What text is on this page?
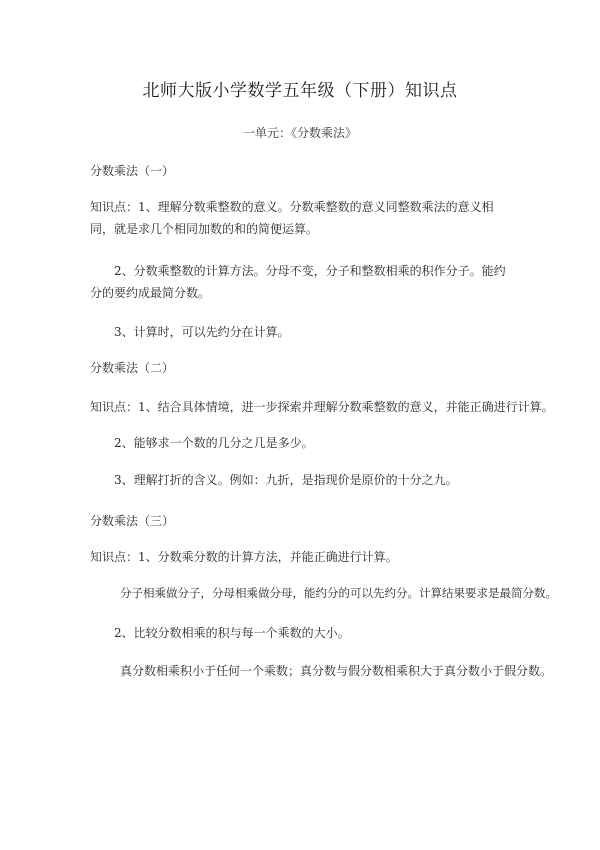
北师大版小学数学五年级（下册）知识点
一单元：《分数乘法》
分数乘法（一）
知识点：1、理解分数乘整数的意义。分数乘整数的意义同整数乘法的意义相同，就是求几个相同加数的和的简便运算。
2、分数乘整数的计算方法。分母不变，分子和整数相乘的积作分子。能约分的要约成最简分数。
3、计算时，可以先约分在计算。
分数乘法（二）
知识点：1、结合具体情境，进一步探索并理解分数乘整数的意义，并能正确进行计算。
2、能够求一个数的几分之几是多少。
3、理解打折的含义。例如：九折，是指现价是原价的十分之九。
分数乘法（三）
知识点：1、分数乘分数的计算方法，并能正确进行计算。
分子相乘做分子，分母相乘做分母，能约分的可以先约分。计算结果要求是最简分数。
2、比较分数相乘的积与每一个乘数的大小。
真分数相乘积小于任何一个乘数；真分数与假分数相乘积大于真分数小于假分数。
